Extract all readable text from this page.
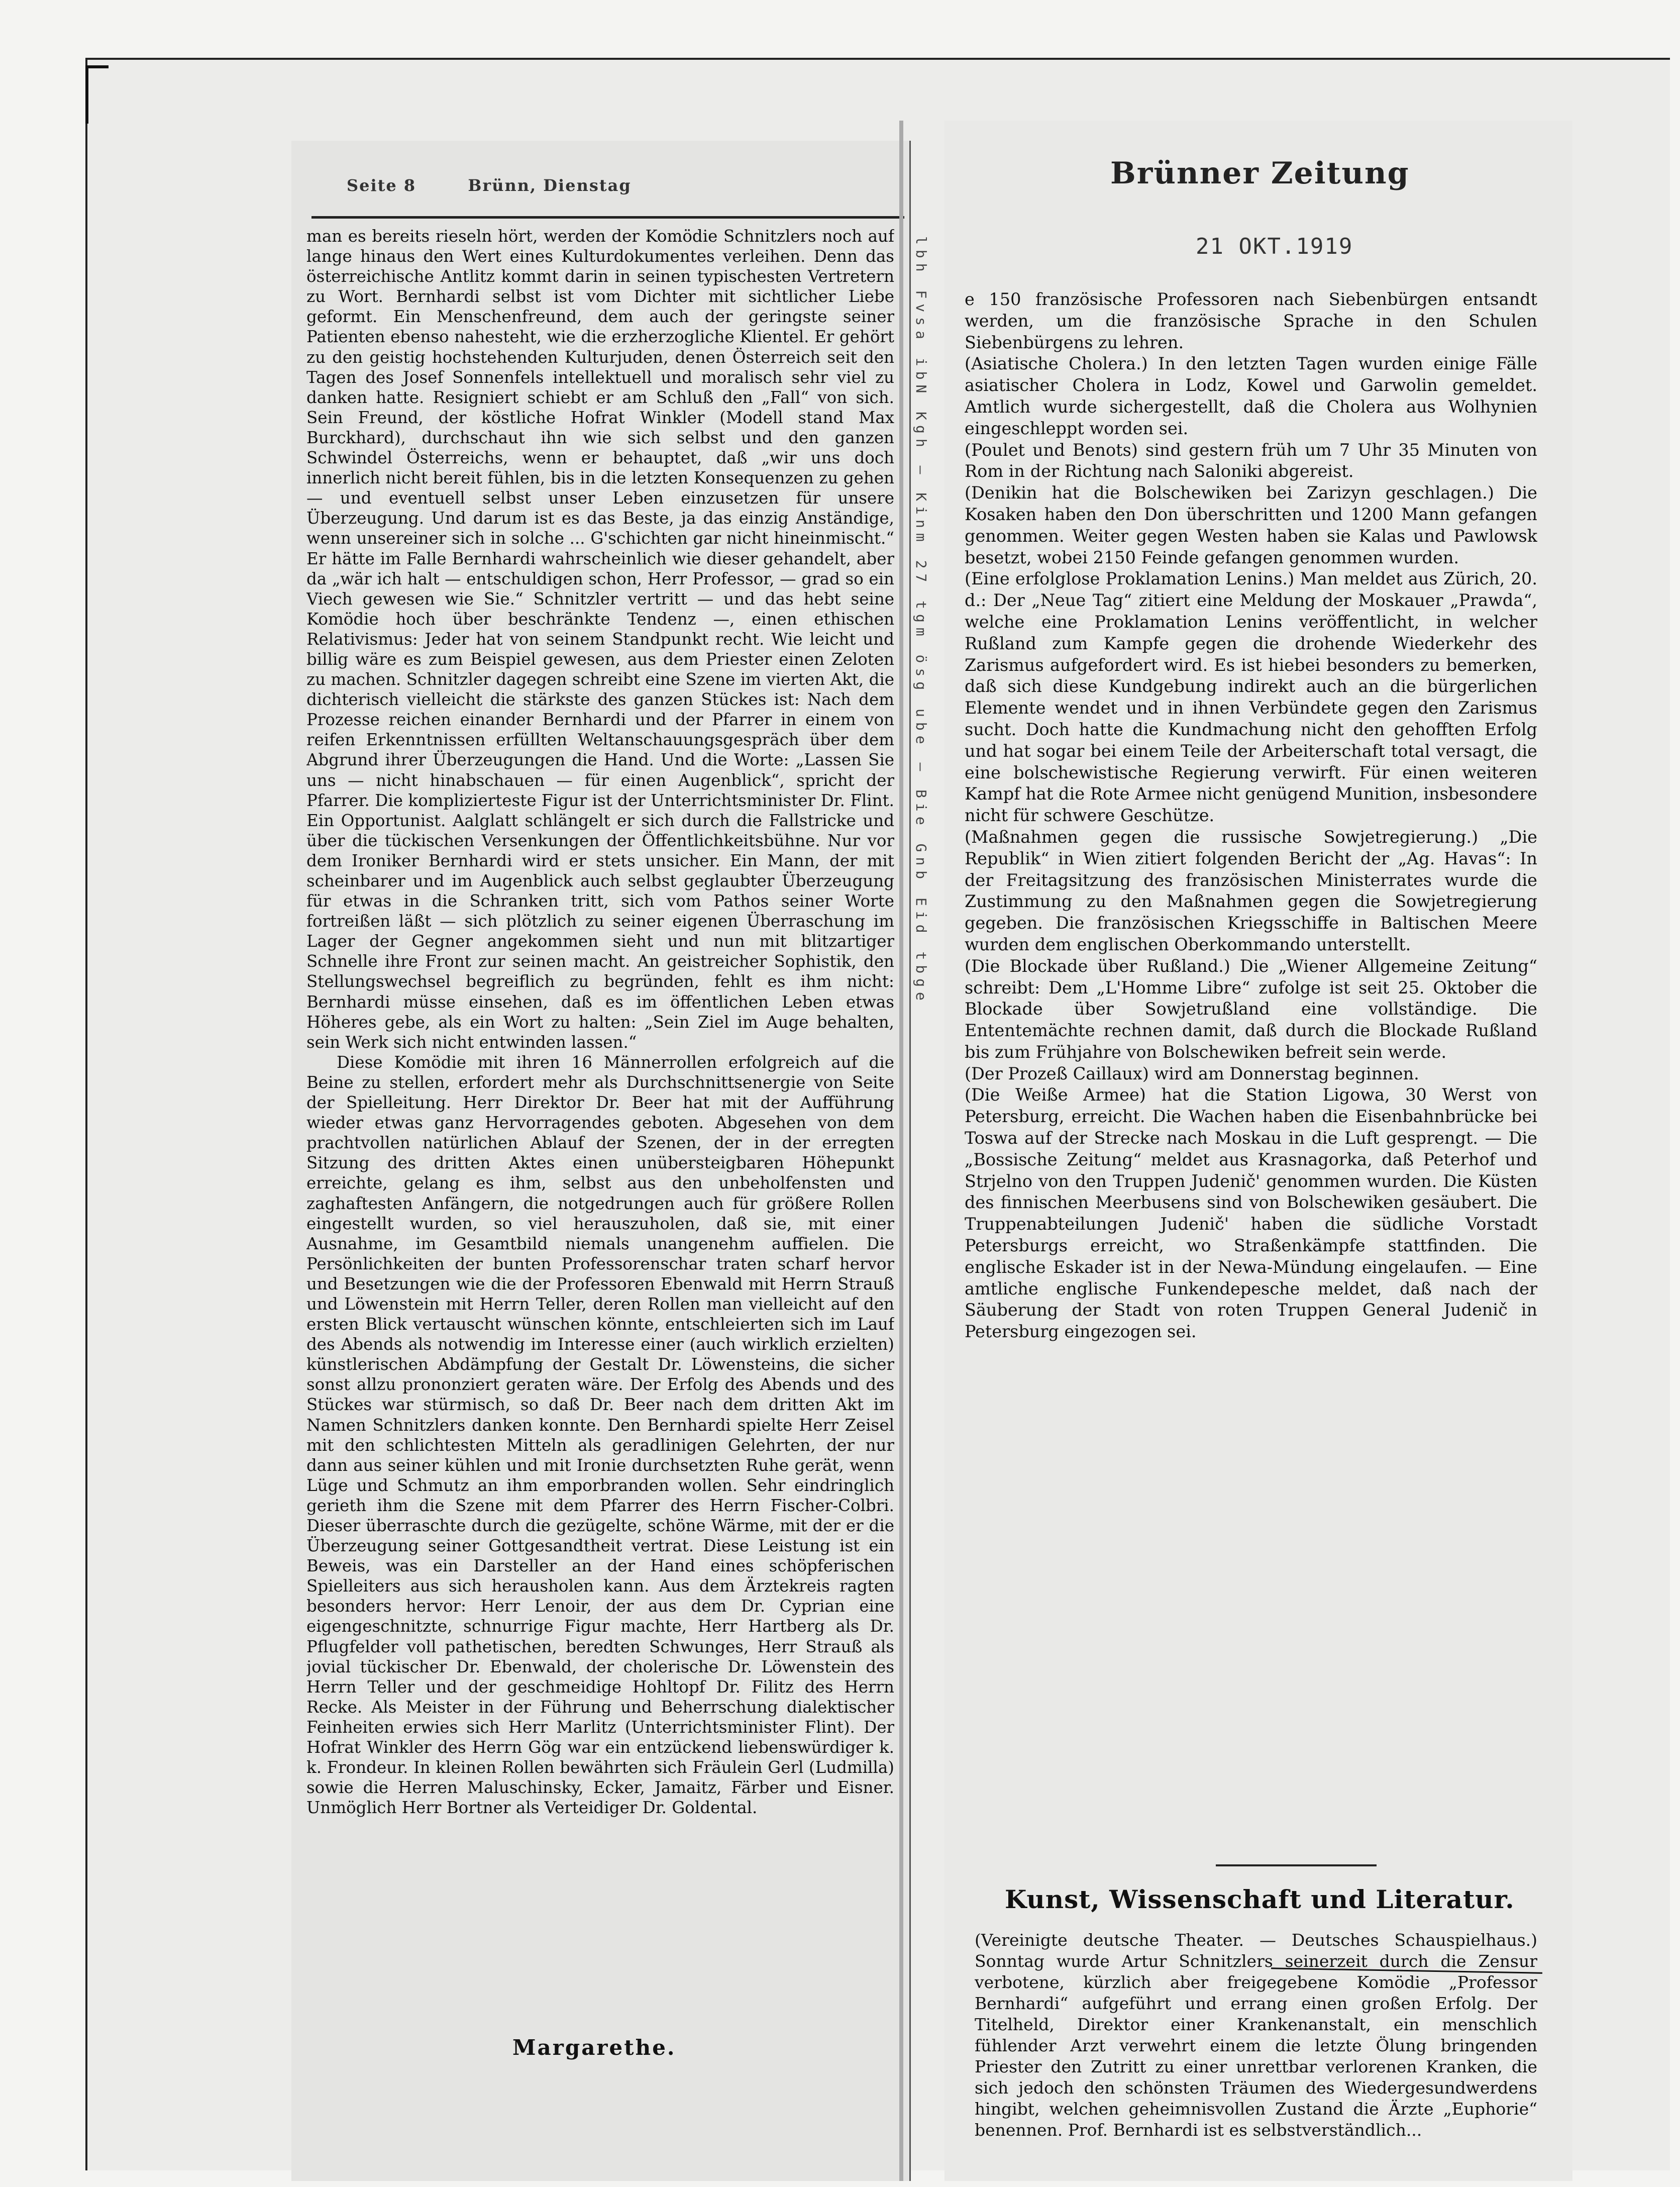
Seite 8	Brünn, Dienstag

man es bereits rieseln hört, werden der Komödie Schnitzlers noch auf lange hinaus den Wert eines Kulturdokumentes verleihen. Denn das österreichische Antlitz kommt darin in seinen typischesten Vertretern zu Wort. Bernhardi selbst ist vom Dichter mit sichtlicher Liebe geformt. Ein Menschenfreund, dem auch der geringste seiner Patienten ebenso nahesteht, wie die erzherzogliche Klientel. Er gehört zu den geistig hochstehenden Kulturjuden, denen Österreich seit den Tagen des Josef Sonnenfels intellektuell und moralisch sehr viel zu danken hatte. Resigniert schiebt er am Schluß den „Fall“ von sich. Sein Freund, der köstliche Hofrat Winkler (Modell stand Max Burckhard), durchschaut ihn wie sich selbst und den ganzen Schwindel Österreichs, wenn er behauptet, daß „wir uns doch innerlich nicht bereit fühlen, bis in die letzten Konsequenzen zu gehen — und eventuell selbst unser Leben einzusetzen für unsere Überzeugung. Und darum ist es das Beste, ja das einzig Anständige, wenn unsereiner sich in solche ... G'schichten gar nicht hineinmischt.“ Er hätte im Falle Bernhardi wahrscheinlich wie dieser gehandelt, aber da „wär ich halt — entschuldigen schon, Herr Professor, — grad so ein Viech gewesen wie Sie.“ Schnitzler vertritt — und das hebt seine Komödie hoch über beschränkte Tendenz —, einen ethischen Relativismus: Jeder hat von seinem Standpunkt recht. Wie leicht und billig wäre es zum Beispiel gewesen, aus dem Priester einen Zeloten zu machen. Schnitzler dagegen schreibt eine Szene im vierten Akt, die dichterisch vielleicht die stärkste des ganzen Stückes ist: Nach dem Prozesse reichen einander Bernhardi und der Pfarrer in einem von reifen Erkenntnissen erfüllten Weltanschauungsgespräch über dem Abgrund ihrer Überzeugungen die Hand. Und die Worte: „Lassen Sie uns — nicht hinabschauen — für einen Augenblick“, spricht der Pfarrer. Die komplizierteste Figur ist der Unterrichtsminister Dr. Flint. Ein Opportunist. Aalglatt schlängelt er sich durch die Fallstricke und über die tückischen Versenkungen der Öffentlichkeitsbühne. Nur vor dem Ironiker Bernhardi wird er stets unsicher. Ein Mann, der mit scheinbarer und im Augenblick auch selbst geglaubter Überzeugung für etwas in die Schranken tritt, sich vom Pathos seiner Worte fortreißen läßt — sich plötzlich zu seiner eigenen Überraschung im Lager der Gegner angekommen sieht und nun mit blitzartiger Schnelle ihre Front zur seinen macht. An geistreicher Sophistik, den Stellungswechsel begreiflich zu begründen, fehlt es ihm nicht: Bernhardi müsse einsehen, daß es im öffentlichen Leben etwas Höheres gebe, als ein Wort zu halten: „Sein Ziel im Auge behalten, sein Werk sich nicht entwinden lassen.“

Diese Komödie mit ihren 16 Männerrollen erfolgreich auf die Beine zu stellen, erfordert mehr als Durchschnittsenergie von Seite der Spielleitung. Herr Direktor Dr. Beer hat mit der Aufführung wieder etwas ganz Hervorragendes geboten. Abgesehen von dem prachtvollen natürlichen Ablauf der Szenen, der in der erregten Sitzung des dritten Aktes einen unübersteigbaren Höhepunkt erreichte, gelang es ihm, selbst aus den unbeholfensten und zaghaftesten Anfängern, die notgedrungen auch für größere Rollen eingestellt wurden, so viel herauszuholen, daß sie, mit einer Ausnahme, im Gesamtbild niemals unangenehm auffielen. Die Persönlichkeiten der bunten Professorenschar traten scharf hervor und Besetzungen wie die der Professoren Ebenwald mit Herrn Strauß und Löwenstein mit Herrn Teller, deren Rollen man vielleicht auf den ersten Blick vertauscht wünschen könnte, entschleierten sich im Lauf des Abends als notwendig im Interesse einer (auch wirklich erzielten) künstlerischen Abdämpfung der Gestalt Dr. Löwensteins, die sicher sonst allzu prononziert geraten wäre. Der Erfolg des Abends und des Stückes war stürmisch, so daß Dr. Beer nach dem dritten Akt im Namen Schnitzlers danken konnte. Den Bernhardi spielte Herr Zeisel mit den schlichtesten Mitteln als geradlinigen Gelehrten, der nur dann aus seiner kühlen und mit Ironie durchsetzten Ruhe gerät, wenn Lüge und Schmutz an ihm emporbranden wollen. Sehr eindringlich gerieth ihm die Szene mit dem Pfarrer des Herrn Fischer-Colbri. Dieser überraschte durch die gezügelte, schöne Wärme, mit der er die Überzeugung seiner Gottgesandtheit vertrat. Diese Leistung ist ein Beweis, was ein Darsteller an der Hand eines schöpferischen Spielleiters aus sich herausholen kann. Aus dem Ärztekreis ragten besonders hervor: Herr Lenoir, der aus dem Dr. Cyprian eine eigengeschnitzte, schnurrige Figur machte, Herr Hartberg als Dr. Pflugfelder voll pathetischen, beredten Schwunges, Herr Strauß als jovial tückischer Dr. Ebenwald, der cholerische Dr. Löwenstein des Herrn Teller und der geschmeidige Hohltopf Dr. Filitz des Herrn Recke. Als Meister in der Führung und Beherrschung dialektischer Feinheiten erwies sich Herr Marlitz (Unterrichtsminister Flint). Der Hofrat Winkler des Herrn Gög war ein entzückend liebenswürdiger k. k. Frondeur. In kleinen Rollen bewährten sich Fräulein Gerl (Ludmilla) sowie die Herren Maluschinsky, Ecker, Jamaitz, Färber und Eisner. Unmöglich Herr Bortner als Verteidiger Dr. Goldental.

Margarethe.
lbh Fvsa ibN Kgh — Kinm 27 tgm ösg ube — Bie Gnb Eid tbge
Brünner Zeitung
21 OKT.1919

e 150 französische Professoren nach Siebenbürgen entsandt werden, um die französische Sprache in den Schulen Siebenbürgens zu lehren.

(Asiatische Cholera.) In den letzten Tagen wurden einige Fälle asiatischer Cholera in Lodz, Kowel und Garwolin gemeldet. Amtlich wurde sichergestellt, daß die Cholera aus Wolhynien eingeschleppt worden sei.

(Poulet und Benots) sind gestern früh um 7 Uhr 35 Minuten von Rom in der Richtung nach Saloniki abgereist.

(Denikin hat die Bolschewiken bei Zarizyn geschlagen.) Die Kosaken haben den Don überschritten und 1200 Mann gefangen genommen. Weiter gegen Westen haben sie Kalas und Pawlowsk besetzt, wobei 2150 Feinde gefangen genommen wurden.

(Eine erfolglose Proklamation Lenins.) Man meldet aus Zürich, 20. d.: Der „Neue Tag“ zitiert eine Meldung der Moskauer „Prawda“, welche eine Proklamation Lenins veröffentlicht, in welcher Rußland zum Kampfe gegen die drohende Wiederkehr des Zarismus aufgefordert wird. Es ist hiebei besonders zu bemerken, daß sich diese Kundgebung indirekt auch an die bürgerlichen Elemente wendet und in ihnen Verbündete gegen den Zarismus sucht. Doch hatte die Kundmachung nicht den gehofften Erfolg und hat sogar bei einem Teile der Arbeiterschaft total versagt, die eine bolschewistische Regierung verwirft. Für einen weiteren Kampf hat die Rote Armee nicht genügend Munition, insbesondere nicht für schwere Geschütze.

(Maßnahmen gegen die russische Sowjetregierung.) „Die Republik“ in Wien zitiert folgenden Bericht der „Ag. Havas“: In der Freitagsitzung des französischen Ministerrates wurde die Zustimmung zu den Maßnahmen gegen die Sowjetregierung gegeben. Die französischen Kriegsschiffe in Baltischen Meere wurden dem englischen Oberkommando unterstellt.

(Die Blockade über Rußland.) Die „Wiener Allgemeine Zeitung“ schreibt: Dem „L'Homme Libre“ zufolge ist seit 25. Oktober die Blockade über Sowjetrußland eine vollständige. Die Ententemächte rechnen damit, daß durch die Blockade Rußland bis zum Frühjahre von Bolschewiken befreit sein werde.

(Der Prozeß Caillaux) wird am Donnerstag beginnen.

(Die Weiße Armee) hat die Station Ligowa, 30 Werst von Petersburg, erreicht. Die Wachen haben die Eisenbahnbrücke bei Toswa auf der Strecke nach Moskau in die Luft gesprengt. — Die „Bossische Zeitung“ meldet aus Krasnagorka, daß Peterhof und Strjelno von den Truppen Judenič' genommen wurden. Die Küsten des finnischen Meerbusens sind von Bolschewiken gesäubert. Die Truppenabteilungen Judenič' haben die südliche Vorstadt Petersburgs erreicht, wo Straßenkämpfe stattfinden. Die englische Eskader ist in der Newa-Mündung eingelaufen. — Eine amtliche englische Funkendepesche meldet, daß nach der Säuberung der Stadt von roten Truppen General Judenič in Petersburg eingezogen sei.

Kunst, Wissenschaft und Literatur.

(Vereinigte deutsche Theater. — Deutsches Schauspielhaus.) Sonntag wurde Artur Schnitzlers seinerzeit durch die Zensur verbotene, kürzlich aber freigegebene Komödie „Professor Bernhardi“ aufgeführt und errang einen großen Erfolg. Der Titelheld, Direktor einer Krankenanstalt, ein menschlich fühlender Arzt verwehrt einem die letzte Ölung bringenden Priester den Zutritt zu einer unrettbar verlorenen Kranken, die sich jedoch den schönsten Träumen des Wiedergesundwerdens hingibt, welchen geheimnisvollen Zustand die Ärzte „Euphorie“ benennen. Prof. Bernhardi ist es selbstverständlich...
